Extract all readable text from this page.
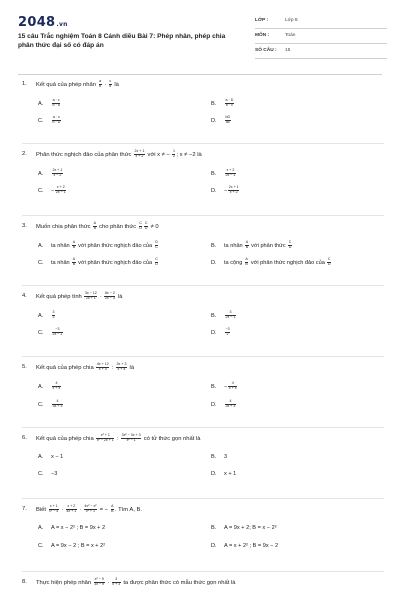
2048.vn
15 câu Trắc nghiệm Toán 8 Cánh diều Bài 7: Phép nhân, phép chia phân thức đại số có đáp án
LỚP :	Lớp 8
MÔN :	Toán
SỐ CÂU : 15
1. Kết quả của phép nhân $\frac{a}{b} \cdot \frac{c}{d}$ là
A. $\frac{a \cdot c}{b \cdot d}$	B. $\frac{a \cdot D}{b \cdot c}$
C. $\frac{a \cdot c}{b \cdot D}$	D. $\frac{bD}{ac}$
2. Phân thức nghịch đảo của phân thức $\frac{2x + 1}{x + 2}$ với x ≠ − $\frac{1}{2}$ ; x ≠ −2 là
A. $\frac{2x + 1}{x - 2}$	B. $\frac{x + 2}{2x - 1}$
C. − $\frac{x + 2}{2x - 1}$	D. − $\frac{2x + 1}{x + 2}$
3. Muốn chia phân thức $\frac{A}{B}$ cho phân thức $\frac{C}{D} \frac{C}{D} \ne 0$
A. ta nhân $\frac{A}{B}$ với phân thức nghịch đảo của $\frac{D}{C}$	B. ta nhân $\frac{A}{B}$ với phân thức $\frac{C}{D}$
C. ta nhân $\frac{A}{B}$ với phân thức nghịch đảo của $\frac{C}{D}$	D. ta cộng $\frac{A}{B}$ với phân thức nghịch đảo của $\frac{C}{D}$
4. Kết quả phép tính $\frac{3x - 12}{2x + 1} \cdot \frac{8x - 2}{2x - 3}$ là
A. $\frac{3}{2}$	B. $\frac{3}{2x - 1}$
C. $\frac{-3}{2x - 1}$	D. $\frac{-3}{2}$
5. Kết quả của phép chia $\frac{4x + 12}{x + 4}$ : $\frac{3x + 3}{x + 4}$ là
A. $\frac{4}{x + 4}$	B. − $\frac{4}{x + 4}$
C. $\frac{4}{3x + 3}$	D. $\frac{4}{3x + 3}$
6. Kết quả của phép chia $\frac{\text{x³ + 1}}{\text{x² − 2x + 1}}$ : $\frac{\text{3x² − 3x + 3}}{\text{x² − 1}}$ có tử thức gọn nhất là
A. x − 1	B. 3
C. −3	D. x + 1
7. Biết $\frac{x + 1}{\text{x² − 4}} \cdot \frac{x + 2}{4x + 1} \cdot \frac{\text{4x² − x²}}{\text{x² + 1}}$ = − $\frac{A}{B}$ . Tìm A, B.
A. A = x − 2² ; B = 9x + 2	B. A = 9x + 2; B = x − 2²
C. A = 9x − 2 ; B = x + 2²	D. A = x + 2² ; B = 9x − 2
8. Thực hiện phép nhân $\frac{\text{x² − 9}}{3x - 9} \cdot \frac{3}{x + 3}$ ta được phân thức có mẫu thức gọn nhất là
